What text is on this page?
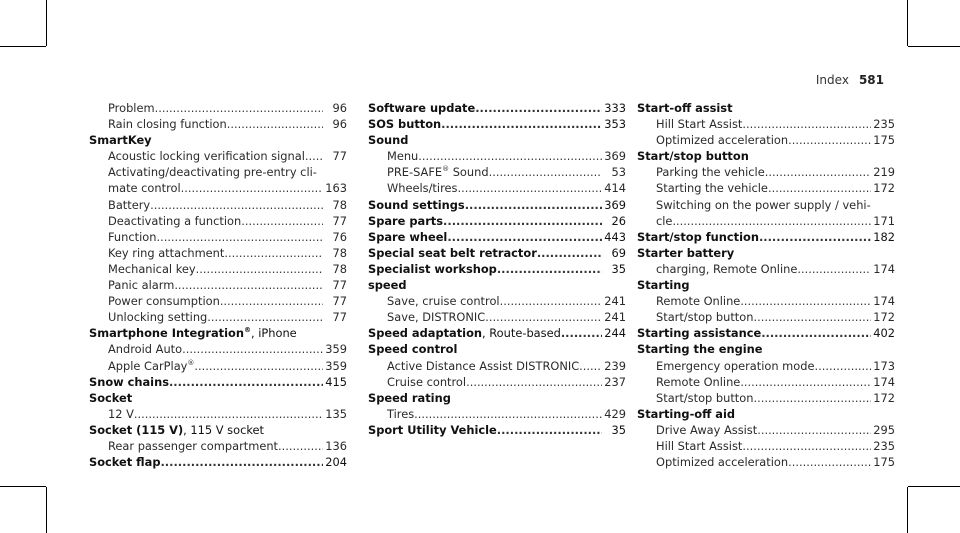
Index 581
Problem .....	96
Rain closing function .....	96
SmartKey
Acoustic locking verification signal .....	77
Activating/deactivating pre-entry cli-
mate control .....	163
Battery .....	78
Deactivating a function .....	77
Function .....	76
Key ring attachment .....	78
Mechanical key .....	78
Panic alarm .....	77
Power consumption .....	77
Unlocking setting .....	77
Smartphone Integration®, iPhone
Android Auto .....	359
Apple CarPlay® .....	359
Snow chains .....	415
Socket
12 V .....	135
Socket (115 V), 115 V socket
Rear passenger compartment .....	136
Socket flap .....	204
Software update .....	333
SOS button .....	353
Sound
Menu .....	369
PRE-SAFE® Sound .....	53
Wheels/tires .....	414
Sound settings .....	369
Spare parts .....	26
Spare wheel .....	443
Special seat belt retractor .....	69
Specialist workshop .....	35
speed
Save, cruise control .....	241
Save, DISTRONIC .....	241
Speed adaptation, Route-based .....	244
Speed control
Active Distance Assist DISTRONIC ..... 239
Cruise control .....	237
Speed rating
Tires .....	429
Sport Utility Vehicle .....	35
Start-off assist
Hill Start Assist .....	235
Optimized acceleration .....	175
Start/stop button
Parking the vehicle .....	219
Starting the vehicle .....	172
Switching on the power supply / vehi-
cle .....	171
Start/stop function .....	182
Starter battery
charging, Remote Online .....	174
Starting
Remote Online .....	174
Start/stop button .....	172
Starting assistance .....	402
Starting the engine
Emergency operation mode .....	173
Remote Online .....	174
Start/stop button .....	172
Starting-off aid
Drive Away Assist .....	295
Hill Start Assist .....	235
Optimized acceleration .....	175
